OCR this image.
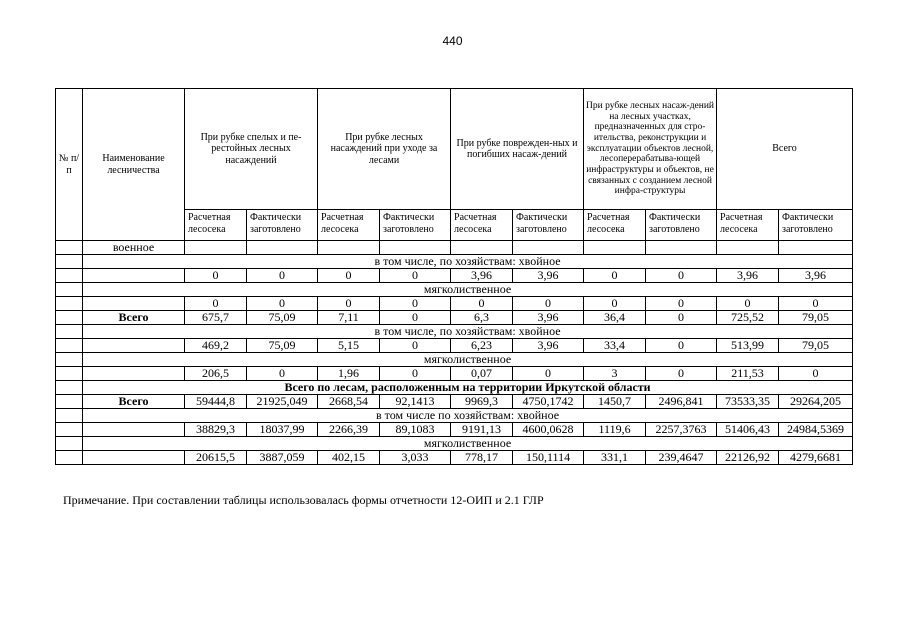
440
№ п/п	Наименование лесничества	При рубке спелых и пе-рестойных лесных насаждений		При рубке лесных насаждений при уходе за лесами		При рубке поврежден-ных и погибших насаж-дений		При рубке лесных насаж-дений на лесных участках, предназначенных для стро-ительства, реконструкции и эксплуатации объектов лесной, лесоперерабатыва-ющей инфраструктуры и объектов, не связанных с созданием лесной инфра-структуры		Всего	
		Расчетная лесосека	Фактически заготовлено	Расчетная лесосека	Фактически заготовлено	Расчетная лесосека	Фактически заготовлено	Расчетная лесосека	Фактически заготовлено	Расчетная лесосека	Фактически заготовлено
	военное										
	в том числе, по хозяйствам: хвойное										
		0	0	0	0	3,96	3,96	0	0	3,96	3,96
	мягколиственное										
		0	0	0	0	0	0	0	0	0	0
	Всего	675,7	75,09	7,11	0	6,3	3,96	36,4	0	725,52	79,05
	в том числе, по хозяйствам: хвойное										
		469,2	75,09	5,15	0	6,23	3,96	33,4	0	513,99	79,05
	мягколиственное										
		206,5	0	1,96	0	0,07	0	3	0	211,53	0
	Всего по лесам, расположенным на территории Иркутской области										
	Всего	59444,8	21925,049	2668,54	92,1413	9969,3	4750,1742	1450,7	2496,841	73533,35	29264,205
	в том числе по хозяйствам: хвойное										
		38829,3	18037,99	2266,39	89,1083	9191,13	4600,0628	1119,6	2257,3763	51406,43	24984,5369
	мягколиственное										
		20615,5	3887,059	402,15	3,033	778,17	150,1114	331,1	239,4647	22126,92	4279,6681
Примечание. При составлении таблицы использовалась формы отчетности 12-ОИП и 2.1 ГЛР
